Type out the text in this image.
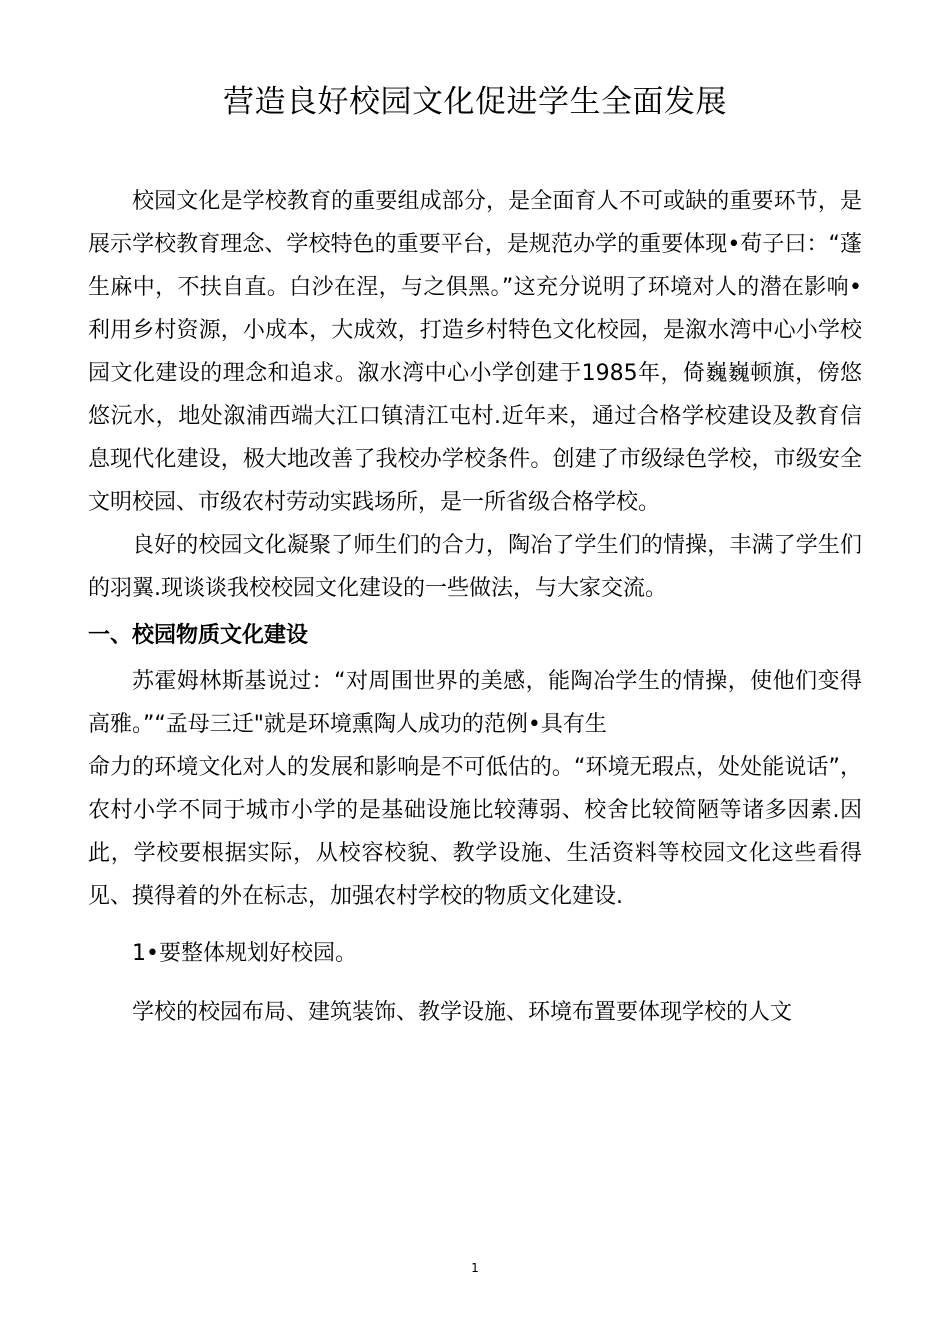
营造良好校园文化促进学生全面发展

校园文化是学校教育的重要组成部分，是全面育人不可或缺的重要环节，是展示学校教育理念、学校特色的重要平台，是规范办学的重要体现•荀子曰：“蓬生麻中，不扶自直。白沙在涅，与之俱黑。”这充分说明了环境对人的潜在影响•利用乡村资源，小成本，大成效，打造乡村特色文化校园，是溆水湾中心小学校园文化建设的理念和追求。溆水湾中心小学创建于1985年，倚巍巍顿旗，傍悠悠沅水，地处溆浦西端大江口镇清江屯村.近年来，通过合格学校建设及教育信息现代化建设，极大地改善了我校办学校条件。创建了市级绿色学校，市级安全文明校园、市级农村劳动实践场所，是一所省级合格学校。

良好的校园文化凝聚了师生们的合力，陶冶了学生们的情操，丰满了学生们的羽翼.现谈谈我校校园文化建设的一些做法，与大家交流。

一、校园物质文化建设

苏霍姆林斯基说过：“对周围世界的美感，能陶冶学生的情操，使他们变得高雅。”“孟母三迁"就是环境熏陶人成功的范例•具有生

命力的环境文化对人的发展和影响是不可低估的。“环境无瑕点，处处能说话”，农村小学不同于城市小学的是基础设施比较薄弱、校舍比较简陋等诸多因素.因此，学校要根据实际，从校容校貌、教学设施、生活资料等校园文化这些看得见、摸得着的外在标志，加强农村学校的物质文化建设.

1•要整体规划好校园。

学校的校园布局、建筑装饰、教学设施、环境布置要体现学校的人文

1
